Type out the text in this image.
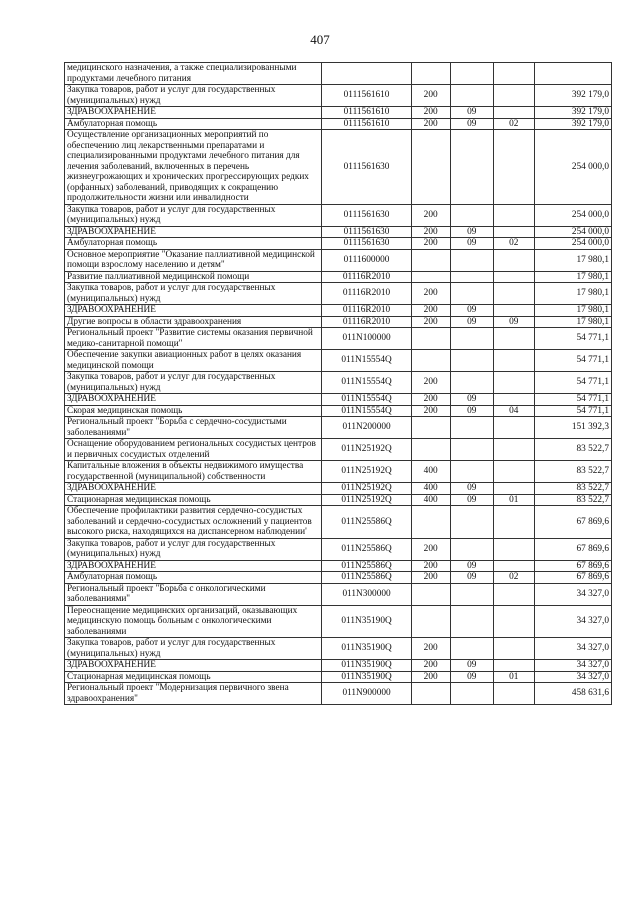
407
медицинского назначения, а также специализированными продуктами лечебного питания					
Закупка товаров, работ и услуг для государственных (муниципальных) нужд	0111561610	200			392 179,0
ЗДРАВООХРАНЕНИЕ	0111561610	200	09		392 179,0
Амбулаторная помощь	0111561610	200	09	02	392 179,0
Осуществление организационных мероприятий по обеспечению лиц лекарственными препаратами и специализированными продуктами лечебного питания для лечения заболеваний, включенных в перечень жизнеугрожающих и хронических прогрессирующих редких (орфанных) заболеваний, приводящих к сокращению продолжительности жизни или инвалидности	0111561630				254 000,0
Закупка товаров, работ и услуг для государственных (муниципальных) нужд	0111561630	200			254 000,0
ЗДРАВООХРАНЕНИЕ	0111561630	200	09		254 000,0
Амбулаторная помощь	0111561630	200	09	02	254 000,0
Основное мероприятие "Оказание паллиативной медицинской помощи взрослому населению и детям"	0111600000				17 980,1
Развитие паллиативной медицинской помощи	01116R2010				17 980,1
Закупка товаров, работ и услуг для государственных (муниципальных) нужд	01116R2010	200			17 980,1
ЗДРАВООХРАНЕНИЕ	01116R2010	200	09		17 980,1
Другие вопросы в области здравоохранения	01116R2010	200	09	09	17 980,1
Региональный проект "Развитие системы оказания первичной медико-санитарной помощи"	011N100000				54 771,1
Обеспечение закупки авиационных работ в целях оказания медицинской помощи	011N15554Q				54 771,1
Закупка товаров, работ и услуг для государственных (муниципальных) нужд	011N15554Q	200			54 771,1
ЗДРАВООХРАНЕНИЕ	011N15554Q	200	09		54 771,1
Скорая медицинская помощь	011N15554Q	200	09	04	54 771,1
Региональный проект "Борьба с сердечно-сосудистыми заболеваниями"	011N200000				151 392,3
Оснащение оборудованием региональных сосудистых центров и первичных сосудистых отделений	011N25192Q				83 522,7
Капитальные вложения в объекты недвижимого имущества государственной (муниципальной) собственности	011N25192Q	400			83 522,7
ЗДРАВООХРАНЕНИЕ	011N25192Q	400	09		83 522,7
Стационарная медицинская помощь	011N25192Q	400	09	01	83 522,7
Обеспечение профилактики развития сердечно-сосудистых заболеваний и сердечно-сосудистых осложнений у пациентов высокого риска, находящихся на диспансерном наблюдении'	011N25586Q				67 869,6
Закупка товаров, работ и услуг для государственных (муниципальных) нужд	011N25586Q	200			67 869,6
ЗДРАВООХРАНЕНИЕ	011N25586Q	200	09		67 869,6
Амбулаторная помощь	011N25586Q	200	09	02	67 869,6
Региональный проект "Борьба с онкологическими заболеваниями"	011N300000				34 327,0
Переоснащение медицинских организаций, оказывающих медицинскую помощь больным с онкологическими заболеваниями	011N35190Q				34 327,0
Закупка товаров, работ и услуг для государственных (муниципальных) нужд	011N35190Q	200			34 327,0
ЗДРАВООХРАНЕНИЕ	011N35190Q	200	09		34 327,0
Стационарная медицинская помощь	011N35190Q	200	09	01	34 327,0
Региональный проект "Модернизация первичного звена здравоохранения"	011N900000				458 631,6
